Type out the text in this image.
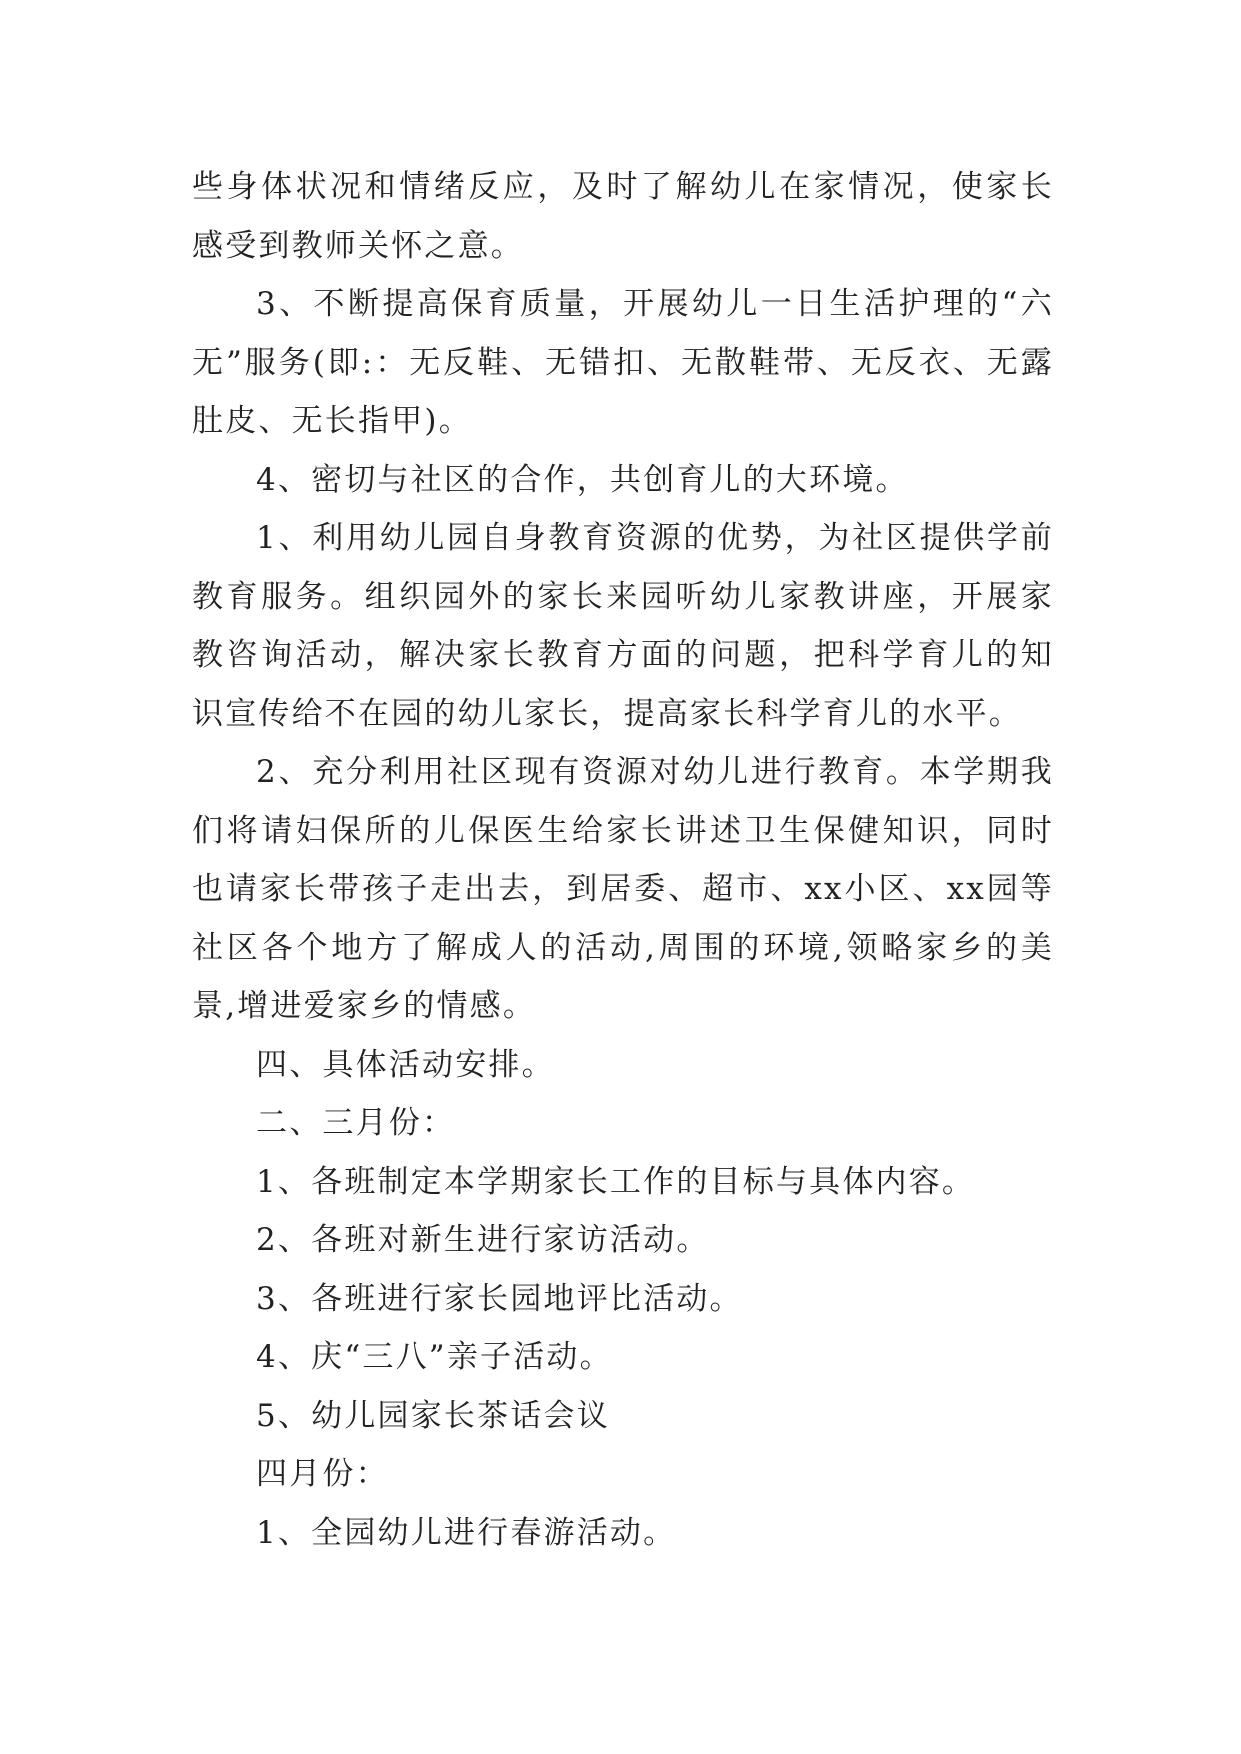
些身体状况和情绪反应，及时了解幼儿在家情况，使家长感受到教师关怀之意。

3、不断提高保育质量，开展幼儿一日生活护理的“六无”服务(即:：无反鞋、无错扣、无散鞋带、无反衣、无露肚皮、无长指甲)。

4、密切与社区的合作，共创育儿的大环境。

1、利用幼儿园自身教育资源的优势，为社区提供学前教育服务。组织园外的家长来园听幼儿家教讲座，开展家教咨询活动，解决家长教育方面的问题，把科学育儿的知识宣传给不在园的幼儿家长，提高家长科学育儿的水平。

2、充分利用社区现有资源对幼儿进行教育。本学期我们将请妇保所的儿保医生给家长讲述卫生保健知识，同时也请家长带孩子走出去，到居委、超市、xx小区、xx园等社区各个地方了解成人的活动,周围的环境,领略家乡的美景,增进爱家乡的情感。

四、具体活动安排。

二、三月份：

1、各班制定本学期家长工作的目标与具体内容。

2、各班对新生进行家访活动。

3、各班进行家长园地评比活动。

4、庆“三八”亲子活动。

5、幼儿园家长茶话会议

四月份：

1、全园幼儿进行春游活动。
